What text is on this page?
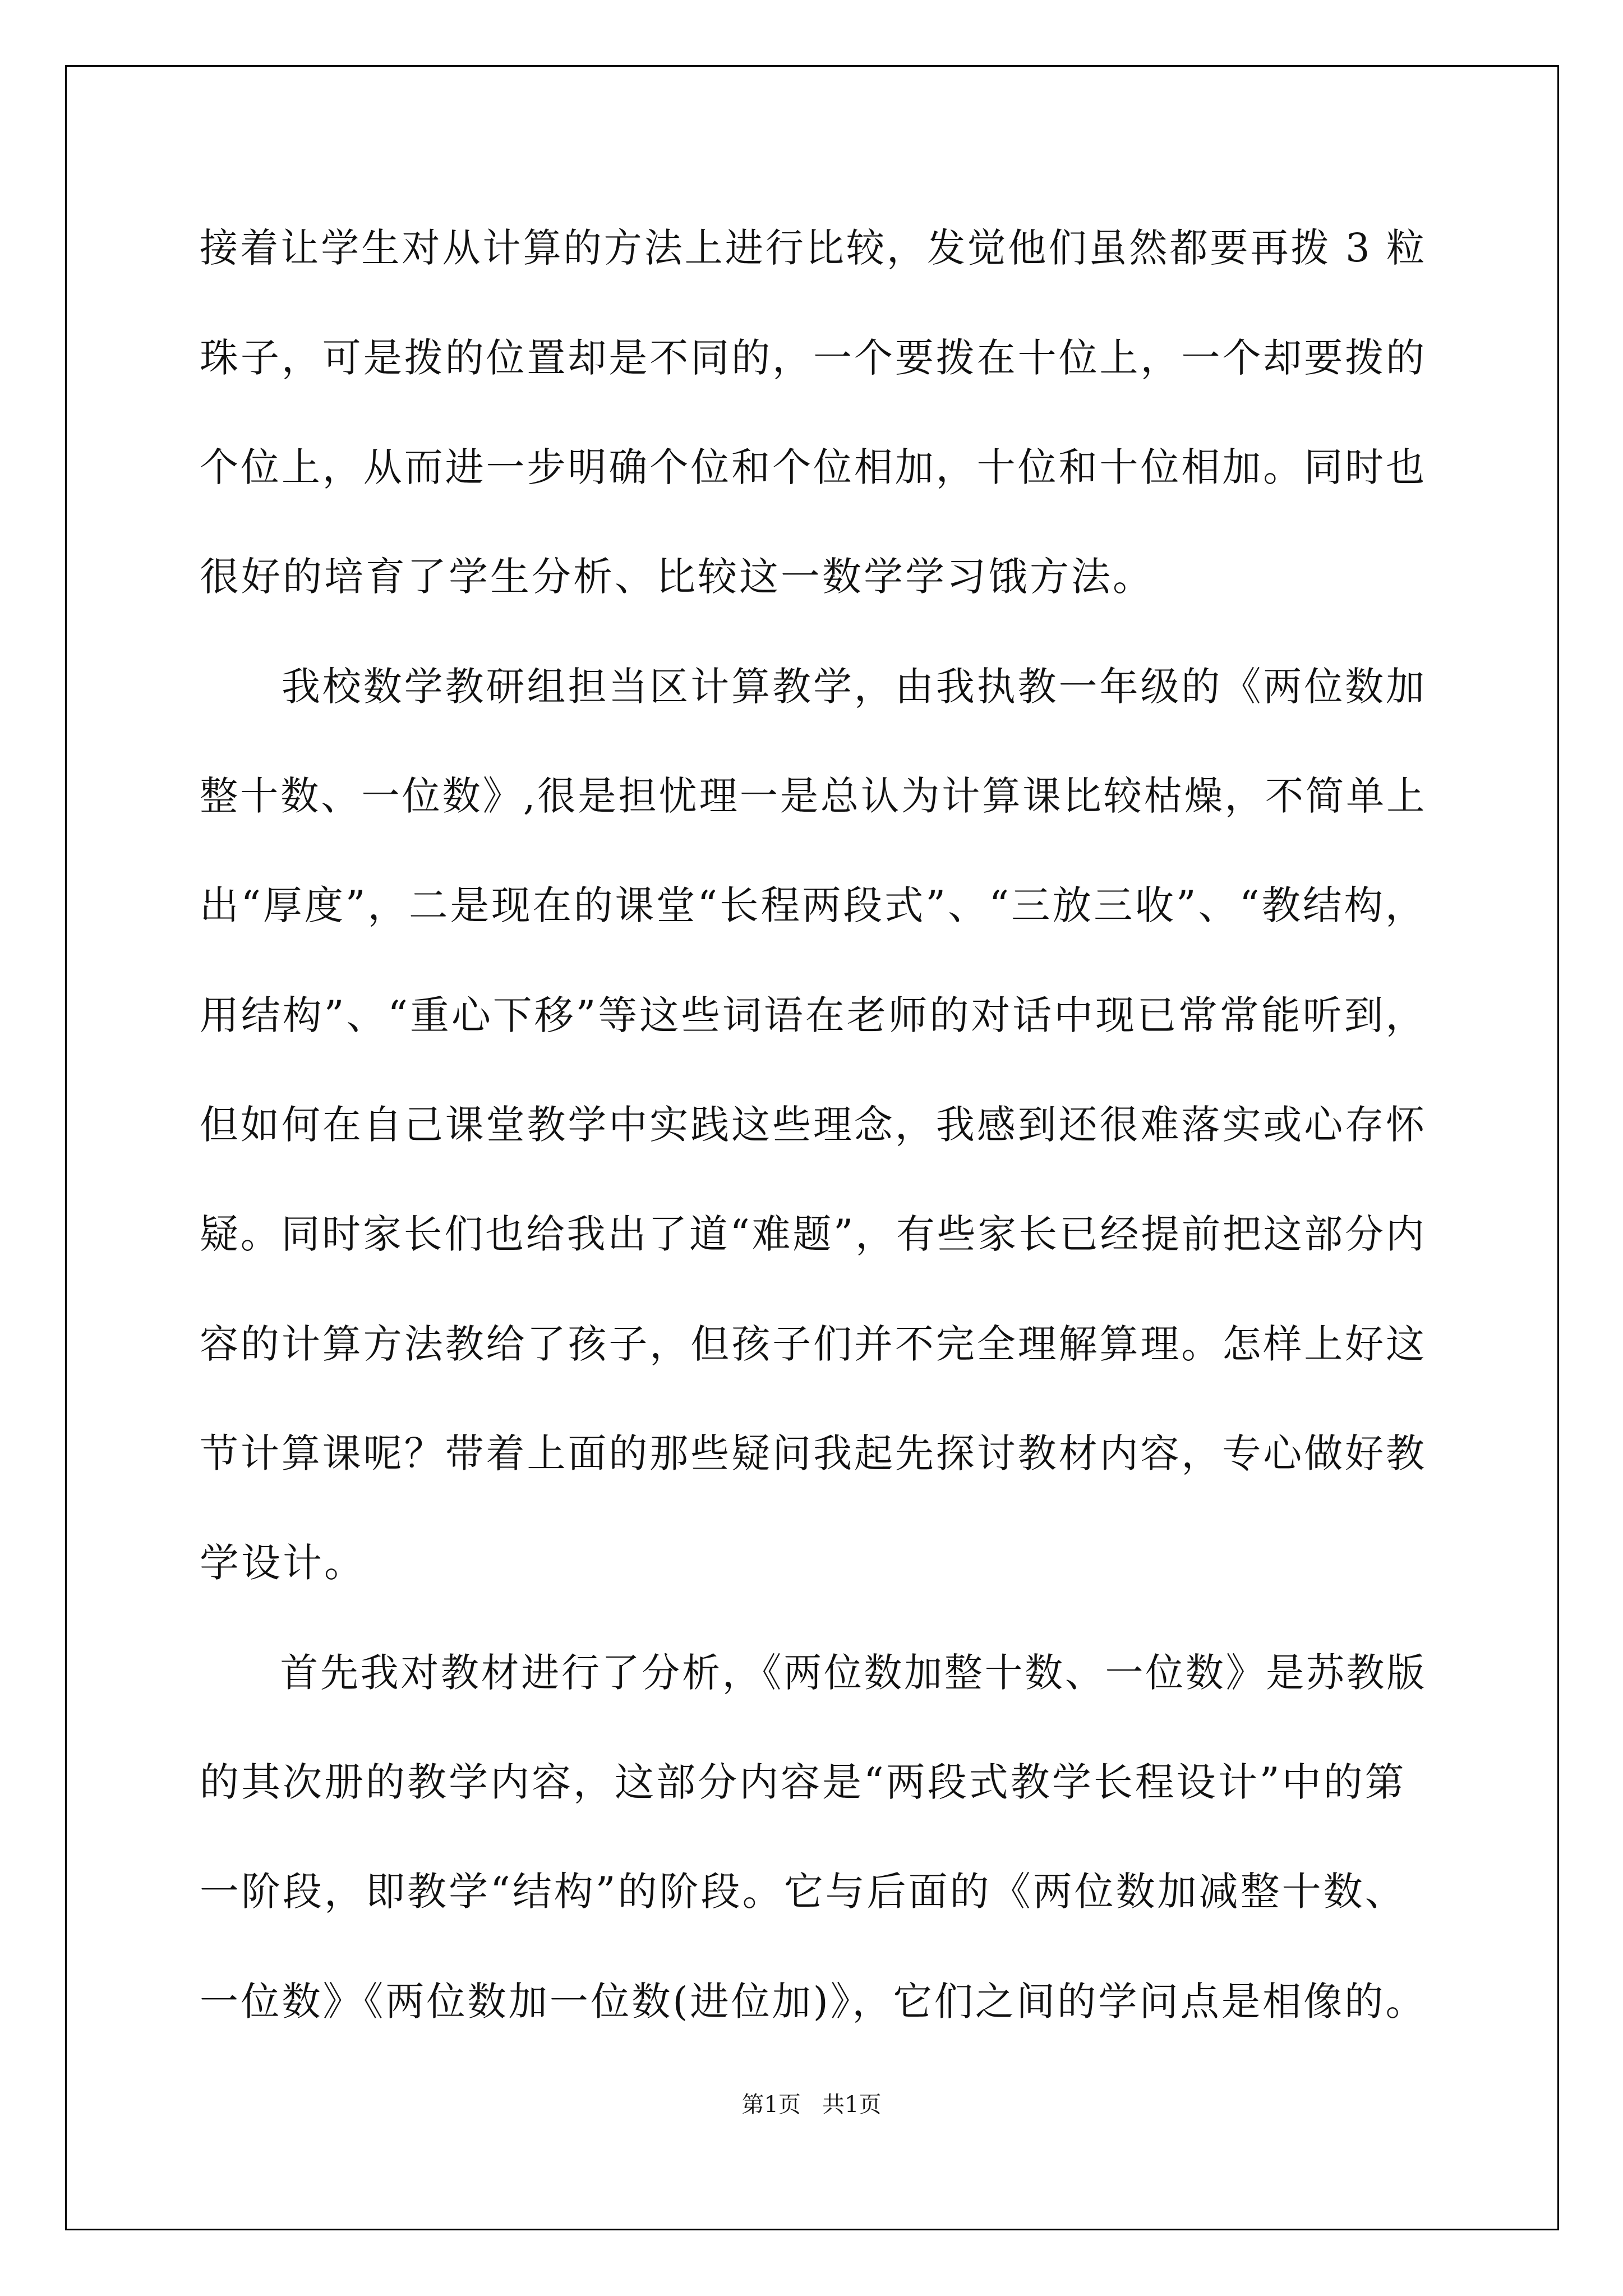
接着让学生对从计算的方法上进行比较，发觉他们虽然都要再拨 3 粒
珠子，可是拨的位置却是不同的，一个要拨在十位上，一个却要拨的
个位上，从而进一步明确个位和个位相加，十位和十位相加。同时也
很好的培育了学生分析、比较这一数学学习饿方法。
　　我校数学教研组担当区计算教学，由我执教一年级的《两位数加
整十数、一位数》,很是担忧理一是总认为计算课比较枯燥，不简单上
出“厚度”，二是现在的课堂“长程两段式”、“三放三收”、“教结构，
用结构”、“重心下移”等这些词语在老师的对话中现已常常能听到，
但如何在自己课堂教学中实践这些理念，我感到还很难落实或心存怀
疑。同时家长们也给我出了道“难题”，有些家长已经提前把这部分内
容的计算方法教给了孩子，但孩子们并不完全理解算理。怎样上好这
节计算课呢？带着上面的那些疑问我起先探讨教材内容，专心做好教
学设计。
　　首先我对教材进行了分析，《两位数加整十数、一位数》是苏教版
的其次册的教学内容，这部分内容是“两段式教学长程设计”中的第
一阶段，即教学“结构”的阶段。它与后面的《两位数加减整十数、
一位数》《两位数加一位数(进位加)》，它们之间的学问点是相像的。
第1页   共1页
